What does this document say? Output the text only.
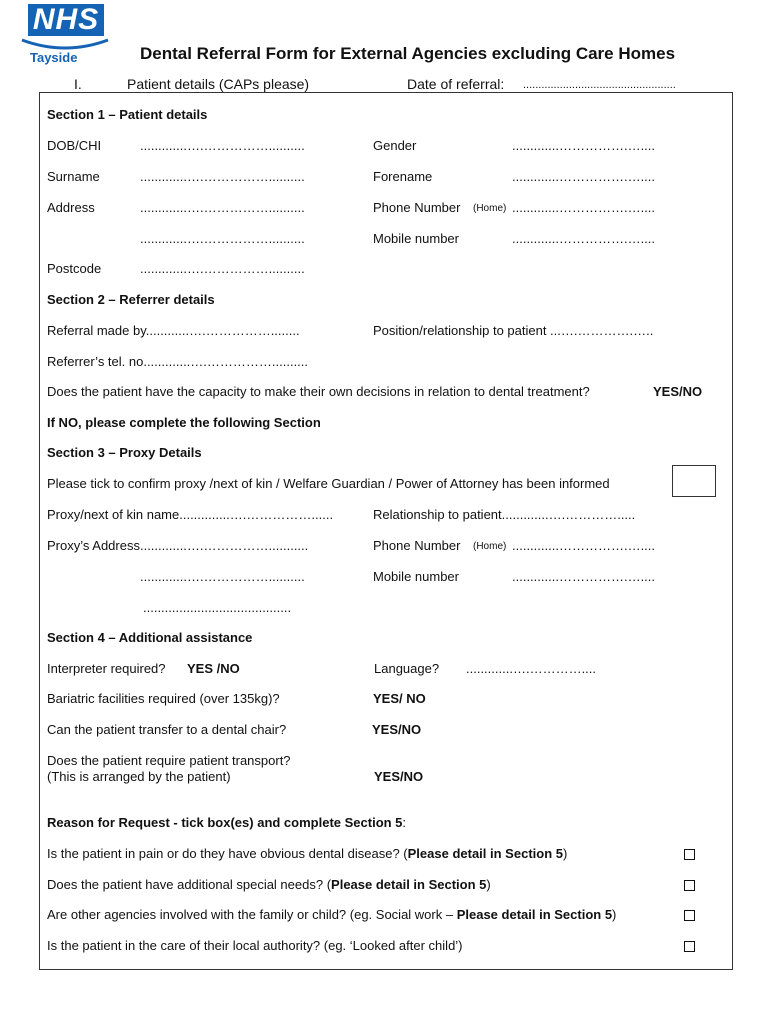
NHS
Tayside	Dental Referral Form for External Agencies excluding Care Homes
I.	Patient details (CAPs please)	Date of referral: ..................................................
Section 1 – Patient details
DOB/CHI	.............….……………..........	Gender	.............…………….…....
Surname	.............….……………..........	Forename	.............…………….…....
Address	.............….……………..........	Phone Number (Home) .............…………….…....
.............….……………..........	Mobile number	.............…………….…....
Postcode	.............….……………..........
Section 2 – Referrer details
Referral made by............….……………........	Position/relationship to patient ...….………….…..
Referrer’s tel. no.............….……………..........
Does the patient have the capacity to make their own decisions in relation to dental treatment?	YES/NO
If NO, please complete the following Section
Section 3 – Proxy Details
Please tick to confirm proxy /next of kin / Welfare Guardian / Power of Attorney has been informed
Proxy/next of kin name..............….……………......	Relationship to patient.............….………….....
Proxy’s Address.............….……………...........	Phone Number (Home) .............…………….…....
.............….……………..........	Mobile number	.............…………….…....
.........................................
Section 4 – Additional assistance
Interpreter required? YES /NO	Language? .............….…………....
Bariatric facilities required (over 135kg)?	YES/ NO
Can the patient transfer to a dental chair?	YES/NO
Does the patient require patient transport?
(This is arranged by the patient)	YES/NO
Reason for Request - tick box(es) and complete Section 5:
Is the patient in pain or do they have obvious dental disease? (Please detail in Section 5)
Does the patient have additional special needs? (Please detail in Section 5)
Are other agencies involved with the family or child? (eg. Social work – Please detail in Section 5)
Is the patient in the care of their local authority? (eg. ‘Looked after child’)
